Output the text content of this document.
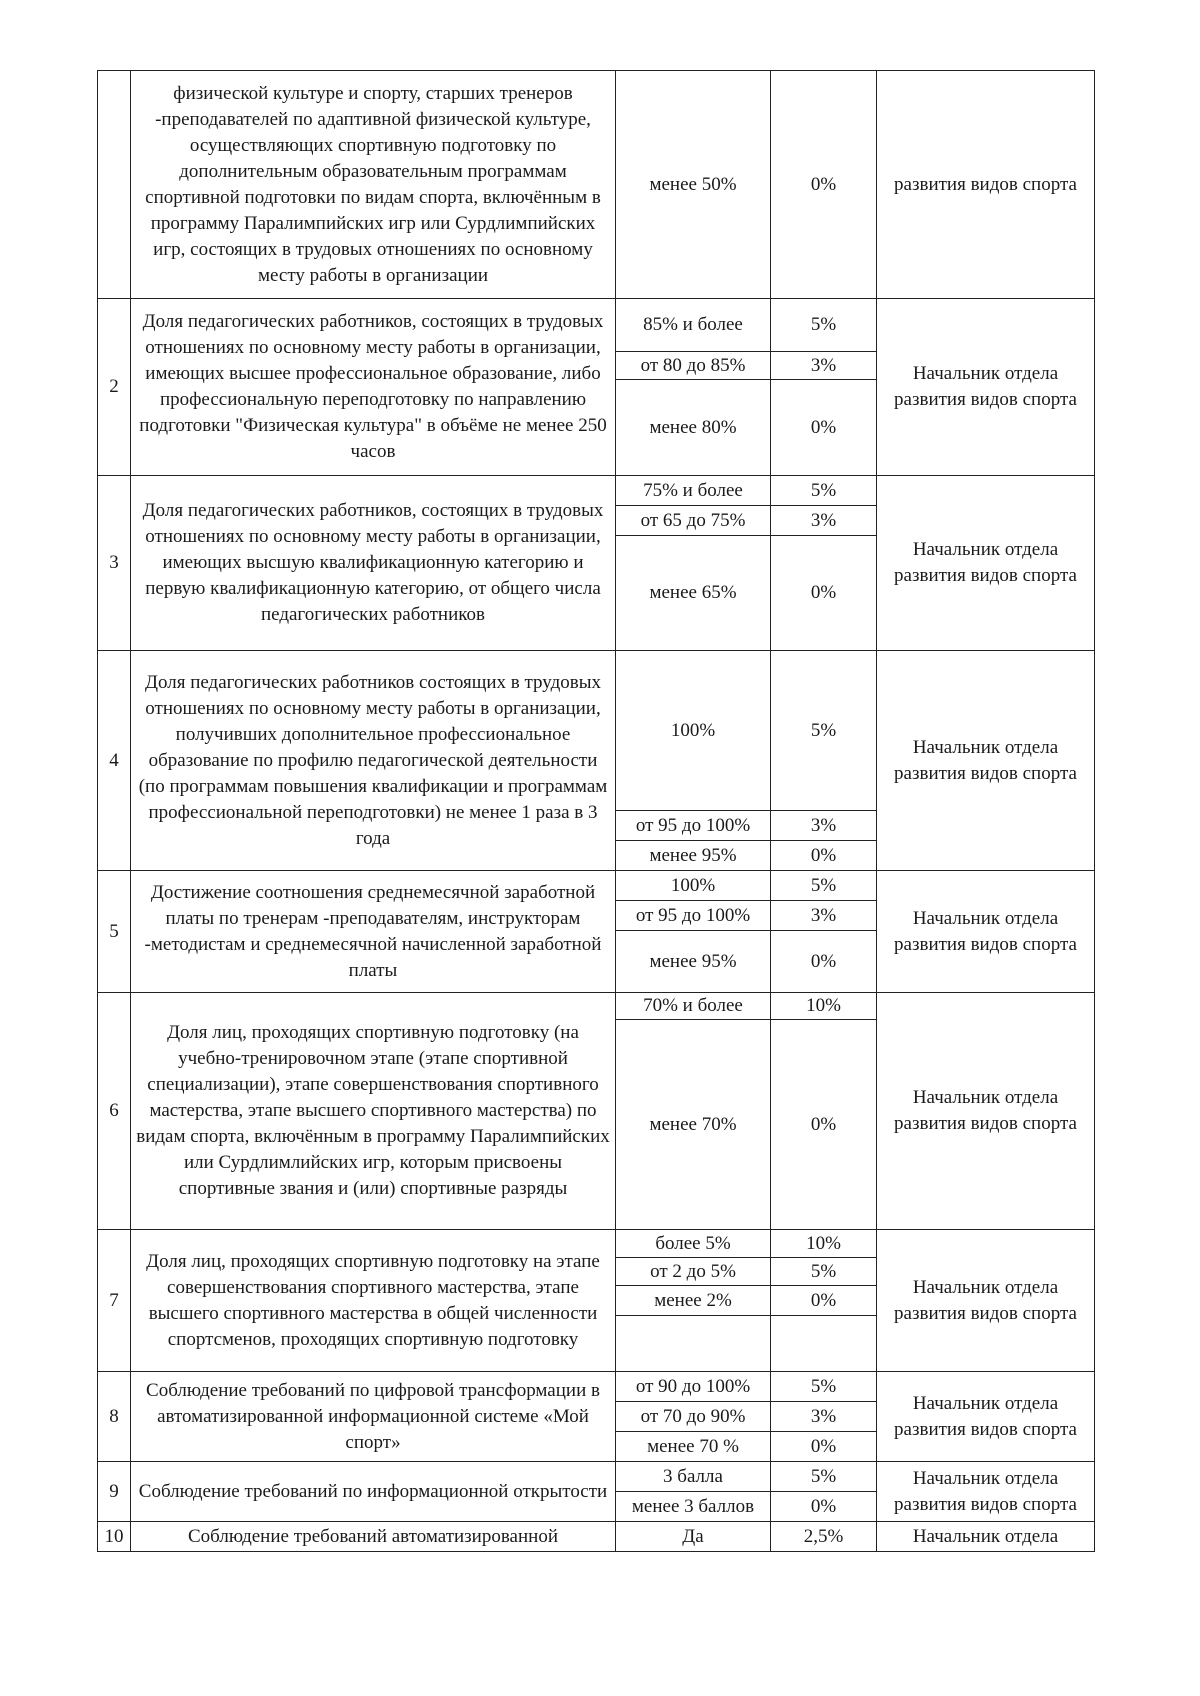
	физической культуре и спорту, старших тренеров -преподавателей по адаптивной физической культуре, осуществляющих спортивную подготовку по дополнительным образовательным программам спортивной подготовки по видам спорта, включённым в программу Паралимпийских игр или Сурдлимпийских игр, состоящих в трудовых отношениях по основному месту работы в организации	менее 50%	0%	развития видов спорта
2	Доля педагогических работников, состоящих в трудовых отношениях по основному месту работы в организации, имеющих высшее профессиональное образование, либо профессиональную переподготовку по направлению подготовки "Физическая культура" в объёме не менее 250 часов	85% и более	5%	Начальник отдела развития видов спорта
		от 80 до 85%	3%	
		менее 80%	0%	
3	Доля педагогических работников, состоящих в трудовых отношениях по основному месту работы в организации, имеющих высшую квалификационную категорию и первую квалификационную категорию, от общего числа педагогических работников	75% и более	5%	Начальник отдела развития видов спорта
		от 65 до 75%	3%	
		менее 65%	0%	
4	Доля педагогических работников состоящих в трудовых отношениях по основному месту работы в организации, получивших дополнительное профессиональное образование по профилю педагогической деятельности (по программам повышения квалификации и программам профессиональной переподготовки) не менее 1 раза в 3 года	100%	5%	Начальник отдела развития видов спорта
		от 95 до 100%	3%	
		менее 95%	0%	
5	Достижение соотношения среднемесячной заработной платы по тренерам -преподавателям, инструкторам -методистам и среднемесячной начисленной заработной платы	100%	5%	Начальник отдела развития видов спорта
		от 95 до 100%	3%	
		менее 95%	0%	
6	Доля лиц, проходящих спортивную подготовку (на учебно-тренировочном этапе (этапе спортивной специализации), этапе совершенствования спортивного мастерства, этапе высшего спортивного мастерства) по видам спорта, включённым в программу Паралимпийских или Сурдлимлийских игр, которым присвоены спортивные звания и (или) спортивные разряды	70% и более	10%	Начальник отдела развития видов спорта
		менее 70%	0%	
7	Доля лиц, проходящих спортивную подготовку на этапе совершенствования спортивного мастерства, этапе высшего спортивного мастерства в общей численности спортсменов, проходящих спортивную подготовку	более 5%	10%	Начальник отдела развития видов спорта
		от 2 до 5%	5%	
		менее 2%	0%	

8	Соблюдение требований по цифровой трансформации в автоматизированной информационной системе «Мой спорт»	от 90 до 100%	5%	Начальник отдела развития видов спорта
		от 70 до 90%	3%	
		менее 70 %	0%	
9	Соблюдение требований по информационной открытости	3 балла	5%	Начальник отдела развития видов спорта
		менее 3 баллов	0%	
10	Соблюдение требований автоматизированной	Да	2,5%	Начальник отдела
